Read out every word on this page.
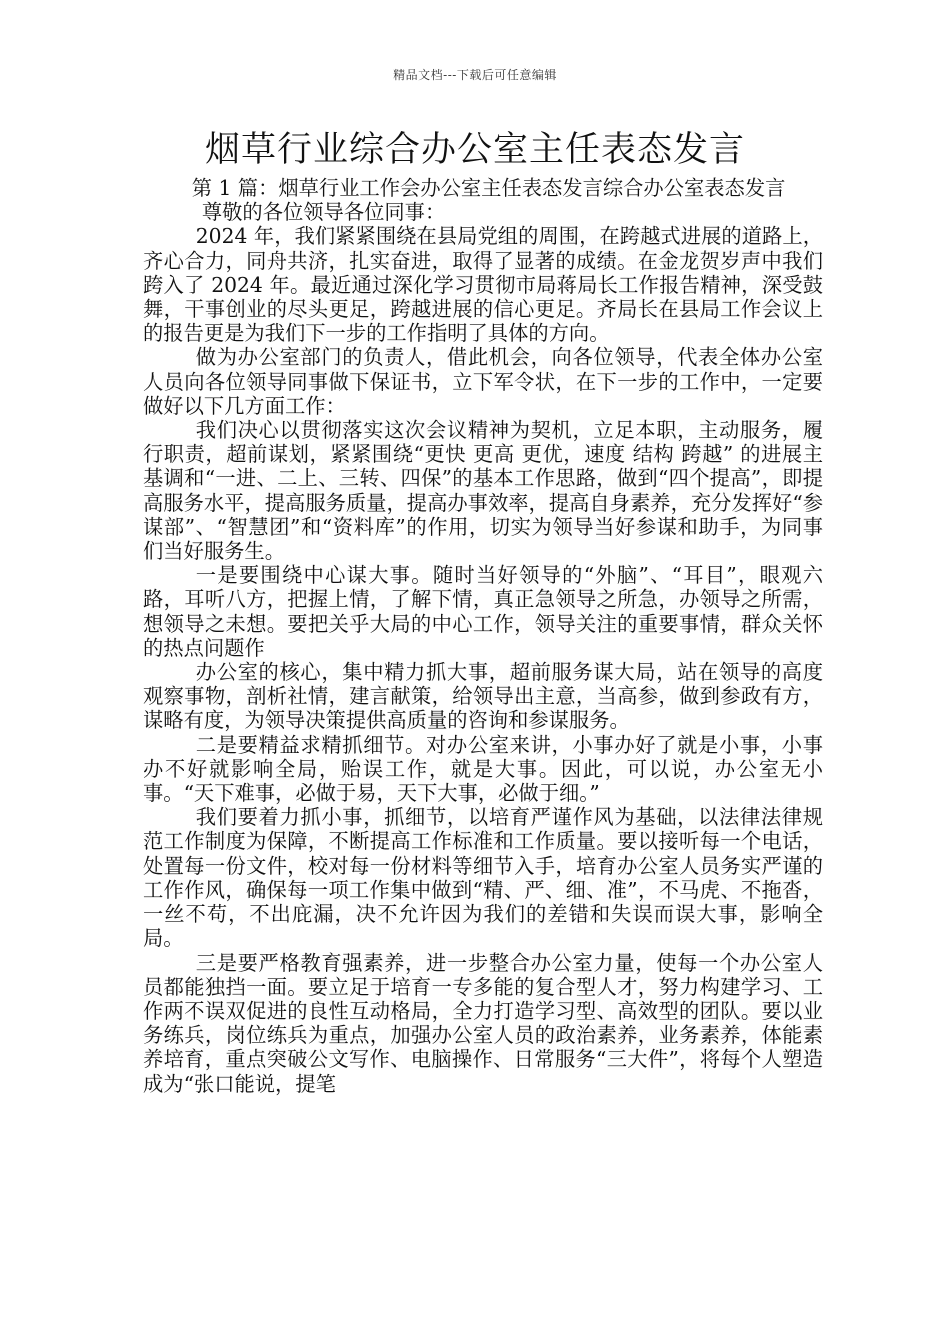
精品文档---下载后可任意编辑
烟草行业综合办公室主任表态发言

第 1 篇：烟草行业工作会办公室主任表态发言综合办公室表态发言

尊敬的各位领导各位同事：

2024 年，我们紧紧围绕在县局党组的周围，在跨越式进展的道路上，齐心合力，同舟共济，扎实奋进，取得了显著的成绩。在金龙贺岁声中我们跨入了 2024 年。最近通过深化学习贯彻市局蒋局长工作报告精神，深受鼓舞，干事创业的尽头更足，跨越进展的信心更足。齐局长在县局工作会议上的报告更是为我们下一步的工作指明了具体的方向。

做为办公室部门的负责人，借此机会，向各位领导，代表全体办公室人员向各位领导同事做下保证书，立下军令状，在下一步的工作中，一定要做好以下几方面工作：

我们决心以贯彻落实这次会议精神为契机，立足本职，主动服务，履行职责，超前谋划，紧紧围绕“更快 更高 更优，速度 结构 跨越” 的进展主基调和“一进、二上、三转、四保”的基本工作思路，做到“四个提高”，即提高服务水平，提高服务质量，提高办事效率，提高自身素养，充分发挥好“参谋部”、“智慧团”和“资料库”的作用，切实为领导当好参谋和助手，为同事们当好服务生。

一是要围绕中心谋大事。随时当好领导的“外脑”、“耳目”，眼观六路，耳听八方，把握上情，了解下情，真正急领导之所急，办领导之所需，想领导之未想。要把关乎大局的中心工作，领导关注的重要事情，群众关怀的热点问题作

办公室的核心，集中精力抓大事，超前服务谋大局，站在领导的高度观察事物，剖析社情，建言献策，给领导出主意，当高参，做到参政有方，谋略有度，为领导决策提供高质量的咨询和参谋服务。

二是要精益求精抓细节。对办公室来讲，小事办好了就是小事，小事办不好就影响全局，贻误工作，就是大事。因此，可以说，办公室无小事。“天下难事，必做于易，天下大事，必做于细。”

我们要着力抓小事，抓细节，以培育严谨作风为基础，以法律法律规范工作制度为保障，不断提高工作标准和工作质量。要以接听每一个电话，处置每一份文件，校对每一份材料等细节入手，培育办公室人员务实严谨的工作作风，确保每一项工作集中做到“精、严、细、准”，不马虎、不拖沓，一丝不苟，不出庇漏，决不允许因为我们的差错和失误而误大事，影响全局。

三是要严格教育强素养，进一步整合办公室力量，使每一个办公室人员都能独挡一面。要立足于培育一专多能的复合型人才，努力构建学习、工作两不误双促进的良性互动格局，全力打造学习型、高效型的团队。要以业务练兵，岗位练兵为重点，加强办公室人员的政治素养，业务素养，体能素养培育，重点突破公文写作、电脑操作、日常服务“三大件”，将每个人塑造成为“张口能说，提笔
